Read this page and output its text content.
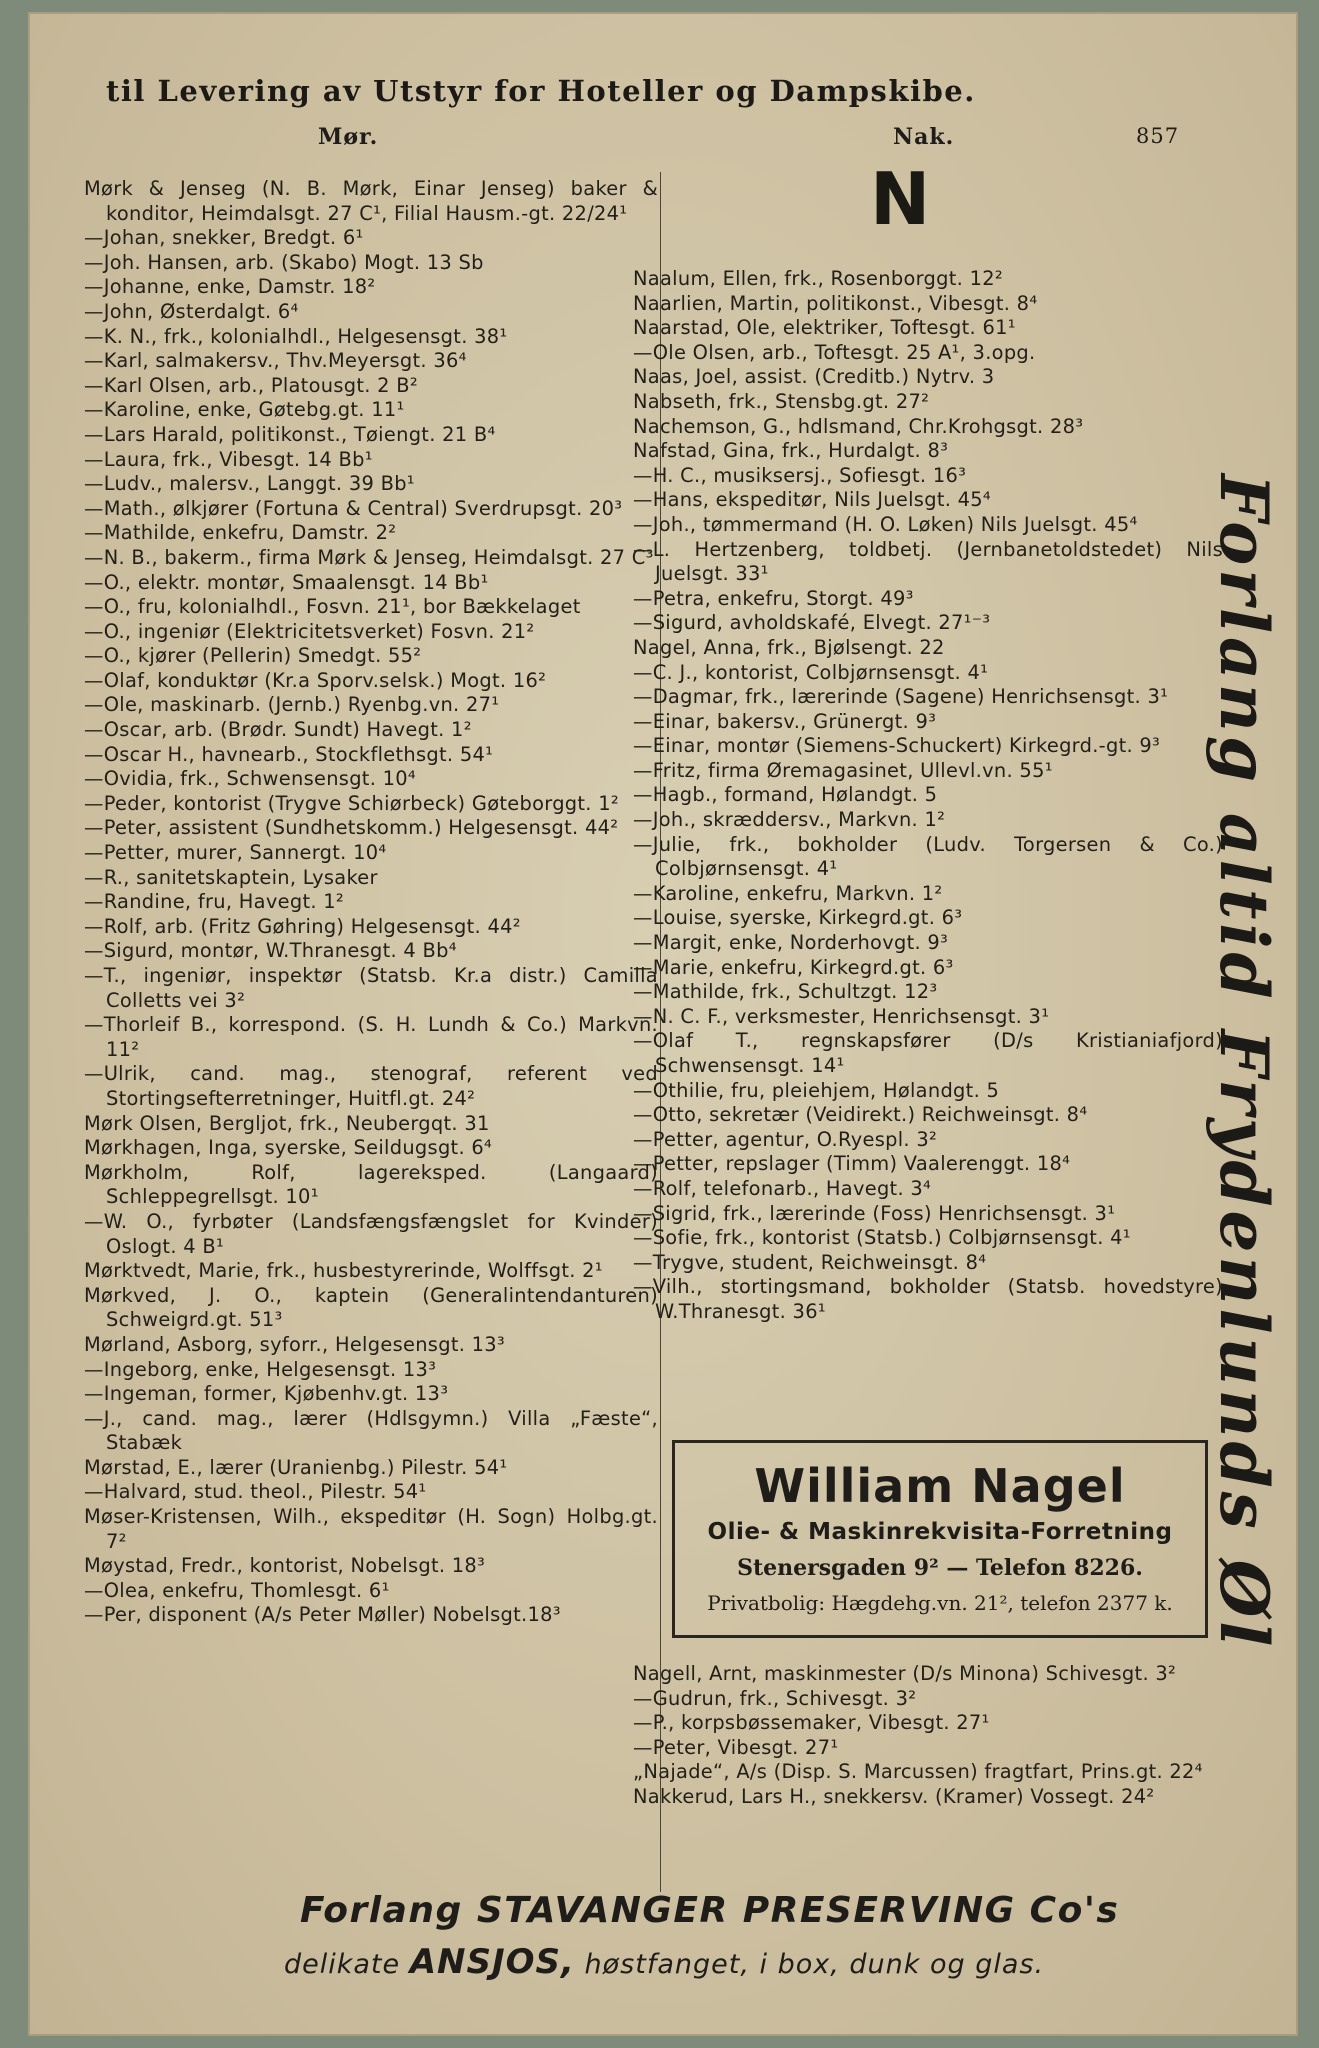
til Levering av Utstyr for Hoteller og Dampskibe.
Mør.	Nak.	857
N
Mørk & Jenseg (N. B. Mørk, Einar Jenseg) baker & konditor, Heimdalsgt. 27 C¹, Filial Hausm.-gt. 22/24¹
—Johan, snekker, Bredgt. 6¹
—Joh. Hansen, arb. (Skabo) Mogt. 13 Sb
—Johanne, enke, Damstr. 18²
—John, Østerdalgt. 6⁴
—K. N., frk., kolonialhdl., Helgesensgt. 38¹
—Karl, salmakersv., Thv.Meyersgt. 36⁴
—Karl Olsen, arb., Platousgt. 2 B²
—Karoline, enke, Gøtebg.gt. 11¹
—Lars Harald, politikonst., Tøiengt. 21 B⁴
—Laura, frk., Vibesgt. 14 Bb¹
—Ludv., malersv., Langgt. 39 Bb¹
—Math., ølkjører (Fortuna & Central) Sverdrupsgt. 20³
—Mathilde, enkefru, Damstr. 2²
—N. B., bakerm., firma Mørk & Jenseg, Heimdalsgt. 27 C³
—O., elektr. montør, Smaalensgt. 14 Bb¹
—O., fru, kolonialhdl., Fosvn. 21¹, bor Bækkelaget
—O., ingeniør (Elektricitetsverket) Fosvn. 21²
—O., kjører (Pellerin) Smedgt. 55²
—Olaf, konduktør (Kr.a Sporv.selsk.) Mogt. 16²
—Ole, maskinarb. (Jernb.) Ryenbg.vn. 27¹
—Oscar, arb. (Brødr. Sundt) Havegt. 1²
—Oscar H., havnearb., Stockflethsgt. 54¹
—Ovidia, frk., Schwensensgt. 10⁴
—Peder, kontorist (Trygve Schiørbeck) Gøteborggt. 1²
—Peter, assistent (Sundhetskomm.) Helgesensgt. 44²
—Petter, murer, Sannergt. 10⁴
—R., sanitetskaptein, Lysaker
—Randine, fru, Havegt. 1²
—Rolf, arb. (Fritz Gøhring) Helgesensgt. 44²
—Sigurd, montør, W.Thranesgt. 4 Bb⁴
—T., ingeniør, inspektør (Statsb. Kr.a distr.) Camilla Colletts vei 3²
—Thorleif B., korrespond. (S. H. Lundh & Co.) Markvn. 11²
—Ulrik, cand. mag., stenograf, referent ved Stortingsefterretninger, Huitfl.gt. 24²
Mørk Olsen, Bergljot, frk., Neubergqt. 31
Mørkhagen, Inga, syerske, Seildugsgt. 6⁴
Mørkholm, Rolf, lagereksped. (Langaard) Schleppegrellsgt. 10¹
—W. O., fyrbøter (Landsfængsfængslet for Kvinder) Oslogt. 4 B¹
Mørktvedt, Marie, frk., husbestyrerinde, Wolffsgt. 2¹
Mørkved, J. O., kaptein (Generalintendanturen) Schweigrd.gt. 51³
Mørland, Asborg, syforr., Helgesensgt. 13³
—Ingeborg, enke, Helgesensgt. 13³
—Ingeman, former, Kjøbenhv.gt. 13³
—J., cand. mag., lærer (Hdlsgymn.) Villa „Fæste“, Stabæk
Mørstad, E., lærer (Uranienbg.) Pilestr. 54¹
—Halvard, stud. theol., Pilestr. 54¹
Møser-Kristensen, Wilh., ekspeditør (H. Sogn) Holbg.gt. 7²
Møystad, Fredr., kontorist, Nobelsgt. 18³
—Olea, enkefru, Thomlesgt. 6¹
—Per, disponent (A/s Peter Møller) Nobelsgt.18³
Naalum, Ellen, frk., Rosenborggt. 12²
Naarlien, Martin, politikonst., Vibesgt. 8⁴
Naarstad, Ole, elektriker, Toftesgt. 61¹
—Ole Olsen, arb., Toftesgt. 25 A¹, 3.opg.
Naas, Joel, assist. (Creditb.) Nytrv. 3
Nabseth, frk., Stensbg.gt. 27²
Nachemson, G., hdlsmand, Chr.Krohgsgt. 28³
Nafstad, Gina, frk., Hurdalgt. 8³
—H. C., musiksersj., Sofiesgt. 16³
—Hans, ekspeditør, Nils Juelsgt. 45⁴
—Joh., tømmermand (H. O. Løken) Nils Juelsgt. 45⁴
—L. Hertzenberg, toldbetj. (Jernbanetoldstedet) Nils Juelsgt. 33¹
—Petra, enkefru, Storgt. 49³
—Sigurd, avholdskafé, Elvegt. 27¹⁻³
Nagel, Anna, frk., Bjølsengt. 22
—C. J., kontorist, Colbjørnsensgt. 4¹
—Dagmar, frk., lærerinde (Sagene) Henrichsensgt. 3¹
—Einar, bakersv., Grünergt. 9³
—Einar, montør (Siemens-Schuckert) Kirkegrd.-gt. 9³
—Fritz, firma Øremagasinet, Ullevl.vn. 55¹
—Hagb., formand, Hølandgt. 5
—Joh., skræddersv., Markvn. 1²
—Julie, frk., bokholder (Ludv. Torgersen & Co.) Colbjørnsensgt. 4¹
—Karoline, enkefru, Markvn. 1²
—Louise, syerske, Kirkegrd.gt. 6³
—Margit, enke, Norderhovgt. 9³
—Marie, enkefru, Kirkegrd.gt. 6³
—Mathilde, frk., Schultzgt. 12³
—N. C. F., verksmester, Henrichsensgt. 3¹
—Olaf T., regnskapsfører (D/s Kristianiafjord) Schwensensgt. 14¹
—Othilie, fru, pleiehjem, Hølandgt. 5
—Otto, sekretær (Veidirekt.) Reichweinsgt. 8⁴
—Petter, agentur, O.Ryespl. 3²
—Petter, repslager (Timm) Vaalerenggt. 18⁴
—Rolf, telefonarb., Havegt. 3⁴
—Sigrid, frk., lærerinde (Foss) Henrichsensgt. 3¹
—Sofie, frk., kontorist (Statsb.) Colbjørnsensgt. 4¹
—Trygve, student, Reichweinsgt. 8⁴
—Vilh., stortingsmand, bokholder (Statsb. hovedstyre) W.Thranesgt. 36¹
William Nagel
Olie- & Maskinrekvisita-Forretning
Stenersgaden 9² — Telefon 8226.
Privatbolig: Hægdehg.vn. 21², telefon 2377 k.
Nagell, Arnt, maskinmester (D/s Minona) Schivesgt. 3²
—Gudrun, frk., Schivesgt. 3²
—P., korpsbøssemaker, Vibesgt. 27¹
—Peter, Vibesgt. 27¹
„Najade“, A/s (Disp. S. Marcussen) fragtfart, Prins.gt. 22⁴
Nakkerud, Lars H., snekkersv. (Kramer) Vossegt. 24²
Forlang altid Frydenlunds Øl
Forlang STAVANGER PRESERVING Co's
delikate ANSJOS, høstfanget, i box, dunk og glas.
